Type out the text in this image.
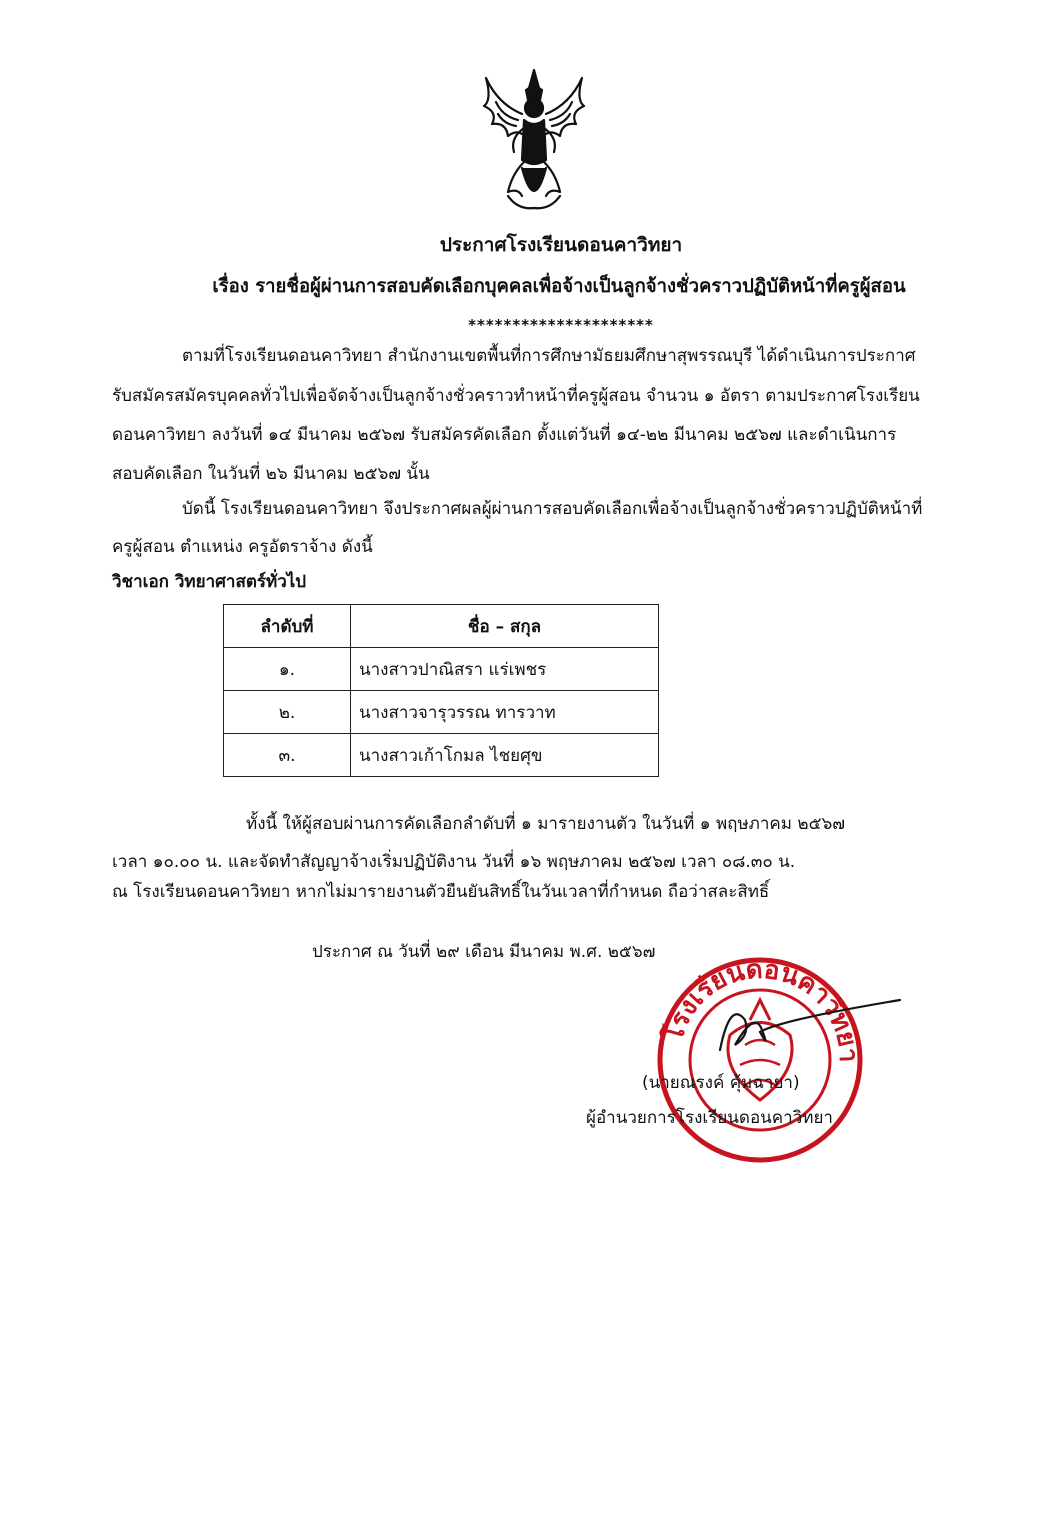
ประกาศโรงเรียนดอนคาวิทยา
เรื่อง รายชื่อผู้ผ่านการสอบคัดเลือกบุคคลเพื่อจ้างเป็นลูกจ้างชั่วคราวปฏิบัติหน้าที่ครูผู้สอน
*********************
ตามที่โรงเรียนดอนคาวิทยา สำนักงานเขตพื้นที่การศึกษามัธยมศึกษาสุพรรณบุรี ได้ดำเนินการประกาศ
รับสมัครสมัครบุคคลทั่วไปเพื่อจัดจ้างเป็นลูกจ้างชั่วคราวทำหน้าที่ครูผู้สอน จำนวน ๑ อัตรา ตามประกาศโรงเรียน
ดอนคาวิทยา ลงวันที่ ๑๔ มีนาคม ๒๕๖๗ รับสมัครคัดเลือก ตั้งแต่วันที่ ๑๔-๒๒ มีนาคม ๒๕๖๗ และดำเนินการ
สอบคัดเลือก ในวันที่ ๒๖ มีนาคม ๒๕๖๗ นั้น
บัดนี้ โรงเรียนดอนคาวิทยา จึงประกาศผลผู้ผ่านการสอบคัดเลือกเพื่อจ้างเป็นลูกจ้างชั่วคราวปฏิบัติหน้าที่
ครูผู้สอน ตำแหน่ง ครูอัตราจ้าง ดังนี้
วิชาเอก วิทยาศาสตร์ทั่วไป
ลำดับที่	ชื่อ – สกุล
๑.	นางสาวปาณิสรา แร่เพชร
๒.	นางสาวจารุวรรณ ทารวาท
๓.	นางสาวเก้าโกมล ไชยศุข
ทั้งนี้ ให้ผู้สอบผ่านการคัดเลือกลำดับที่ ๑ มารายงานตัว ในวันที่ ๑ พฤษภาคม ๒๕๖๗
เวลา ๑๐.๐๐ น. และจัดทำสัญญาจ้างเริ่มปฏิบัติงาน วันที่ ๑๖ พฤษภาคม ๒๕๖๗ เวลา ๐๘.๓๐ น.
ณ โรงเรียนดอนคาวิทยา หากไม่มารายงานตัวยืนยันสิทธิ์ในวันเวลาที่กำหนด ถือว่าสละสิทธิ์
ประกาศ ณ วันที่ ๒๙ เดือน มีนาคม พ.ศ. ๒๕๖๗
โรงเรียนดอนคาวิทยา
(นายณรงค์ คุ้มฉายา)
ผู้อำนวยการโรงเรียนดอนคาวิทยา
